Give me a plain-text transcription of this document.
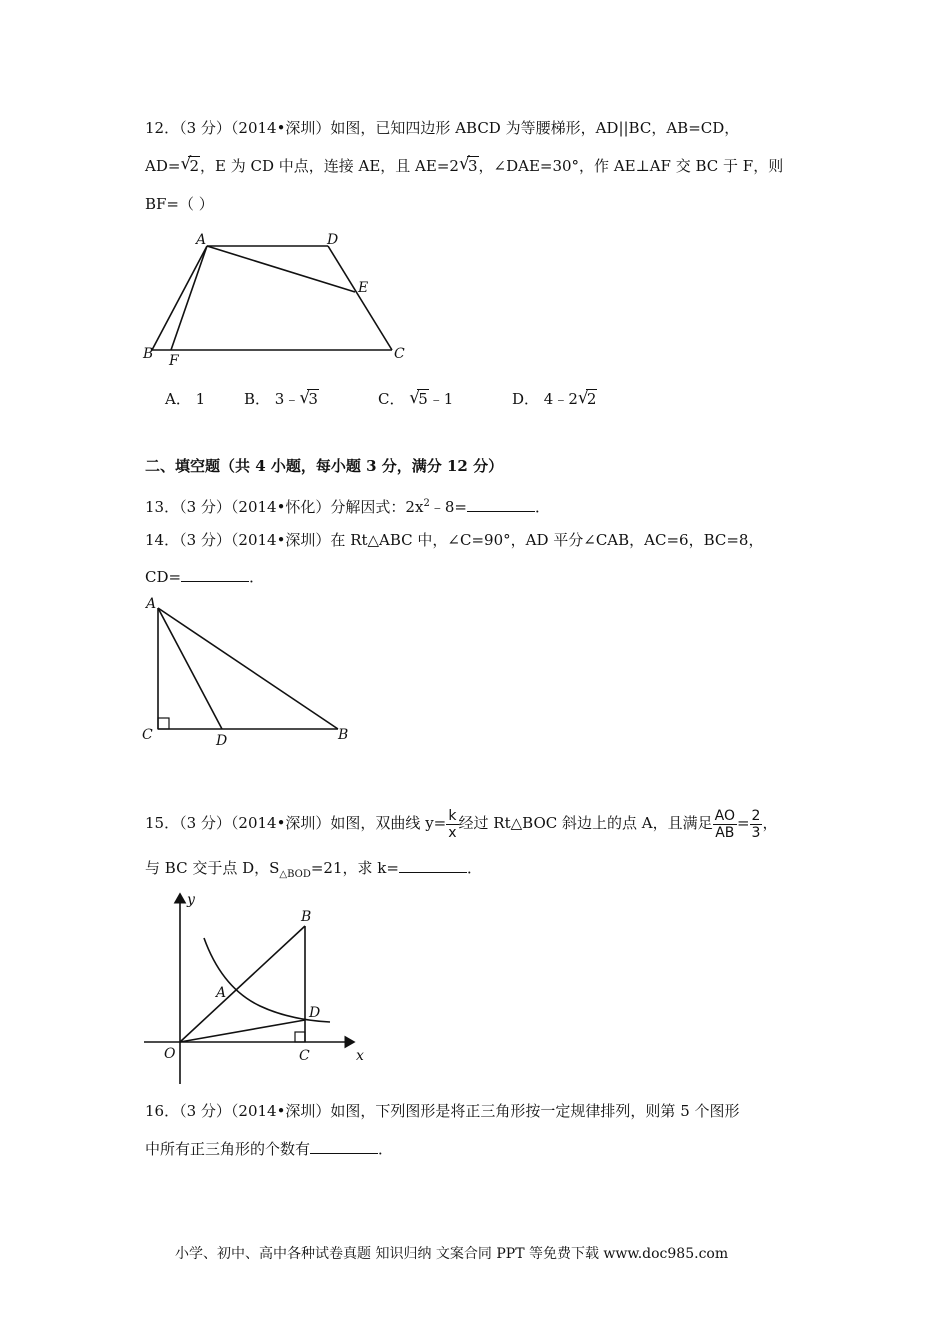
12．（3 分）（2014•深圳）如图，已知四边形 ABCD 为等腰梯形，AD||BC，AB=CD，
AD= √
2，E 为 CD 中点，连接 AE，且 AE=2 √
3，∠DAE=30°，作 AE⊥AF 交 BC 于 F，则
BF=（ ）
A	D
E
B F	C
A． 1	B． 3﹣ √
3	C． √
5﹣1	D． 4﹣2 √
2
二、填空题（共 4 小题，每小题 3 分，满分 12 分）
13．（3 分）（2014•怀化）分解因式：$2x^2﹣8=$	．
14．（3 分）（2014•深圳）在 Rt△ABC 中，∠C=90°，AD 平分∠CAB，AC=6，BC=8，
CD=	．
A
C	D	B
15．（3 分）（2014•深圳）如图，双曲线 $y= \frac{k}{x}$ 经过 Rt△BOC 斜边上的点 A，且满足 $\frac{AO}{AB} = \frac{2}{3}$ ，
与 BC 交于点 D，$S_{\triangle BOD}=21$，求 k=	．
y
B
A
D
O	C	x
16．（3 分）（2014•深圳）如图，下列图形是将正三角形按一定规律排列，则第 5 个图形
中所有正三角形的个数有	．
小学、初中、高中各种试卷真题 知识归纳 文案合同 PPT 等免费下载 www.doc985.com
